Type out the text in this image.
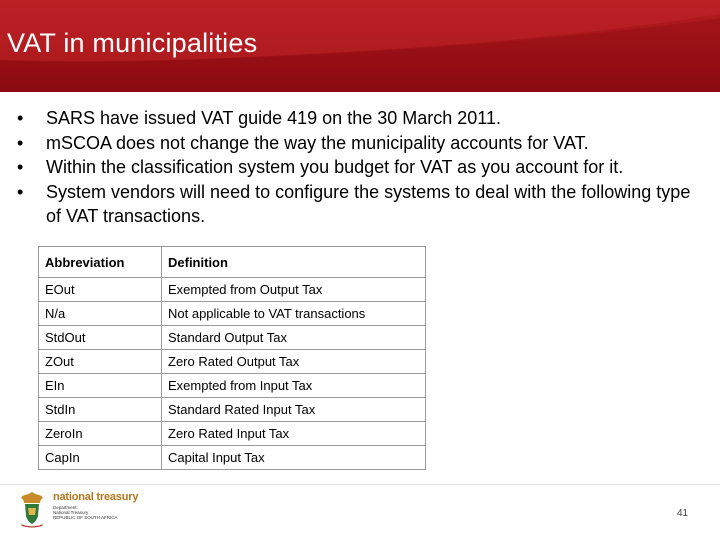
VAT in municipalities
• SARS have issued VAT guide 419 on the 30 March 2011.
• mSCOA does not change the way the municipality accounts for VAT.
• Within the classification system you budget for VAT as you account for it.
• System vendors will need to configure the systems to deal with the following type of VAT transactions.
Abbreviation	Definition
EOut	Exempted from Output Tax
N/a	Not applicable to VAT transactions
StdOut	Standard Output Tax
ZOut	Zero Rated Output Tax
EIn	Exempted from Input Tax
StdIn	Standard Rated Input Tax
ZeroIn	Zero Rated Input Tax
CapIn	Capital Input Tax
national treasury
Department:
National Treasury
REPUBLIC OF SOUTH AFRICA	41
